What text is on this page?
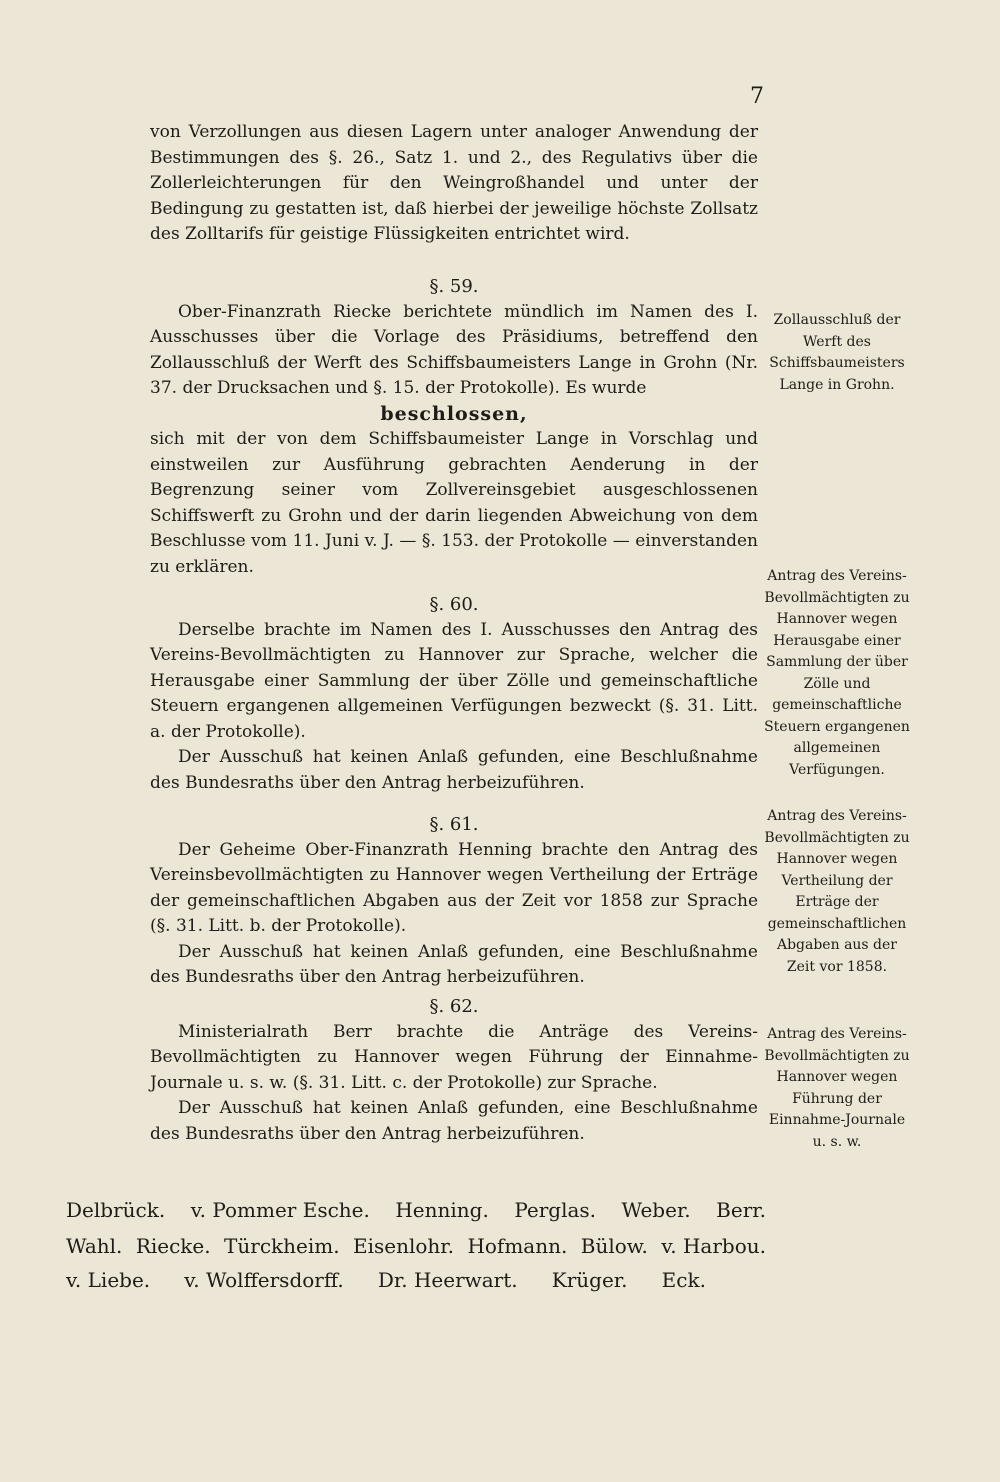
7

von Verzollungen aus diesen Lagern unter analoger Anwendung der Bestimmungen des §. 26., Satz 1. und 2., des Regulativs über die Zollerleichterungen für den Weingroßhandel und unter der Bedingung zu gestatten ist, daß hierbei der jeweilige höchste Zollsatz des Zolltarifs für geistige Flüssigkeiten entrichtet wird.

§. 59.

Ober-Finanzrath Riecke berichtete mündlich im Namen des I. Ausschusses über die Vorlage des Präsidiums, betreffend den Zollausschluß der Werft des Schiffsbaumeisters Lange in Grohn (Nr. 37. der Drucksachen und §. 15. der Protokolle). Es wurde

beschlossen,

sich mit der von dem Schiffsbaumeister Lange in Vorschlag und einstweilen zur Ausführung gebrachten Aenderung in der Begrenzung seiner vom Zollvereinsgebiet ausgeschlossenen Schiffswerft zu Grohn und der darin liegenden Abweichung von dem Beschlusse vom 11. Juni v. J. — §. 153. der Protokolle — einverstanden zu erklären.

Zollausschluß der Werft des Schiffsbaumeisters Lange in Grohn.
§. 60.

Derselbe brachte im Namen des I. Ausschusses den Antrag des Vereins-Bevollmächtigten zu Hannover zur Sprache, welcher die Herausgabe einer Sammlung der über Zölle und gemeinschaftliche Steuern ergangenen allgemeinen Verfügungen bezweckt (§. 31. Litt. a. der Protokolle).

Der Ausschuß hat keinen Anlaß gefunden, eine Beschlußnahme des Bundesraths über den Antrag herbeizuführen.

Antrag des Vereins-Bevollmächtigten zu Hannover wegen Herausgabe einer Sammlung der über Zölle und gemeinschaftliche Steuern ergangenen allgemeinen Verfügungen.
§. 61.

Der Geheime Ober-Finanzrath Henning brachte den Antrag des Vereinsbevollmächtigten zu Hannover wegen Vertheilung der Erträge der gemeinschaftlichen Abgaben aus der Zeit vor 1858 zur Sprache (§. 31. Litt. b. der Protokolle).

Der Ausschuß hat keinen Anlaß gefunden, eine Beschlußnahme des Bundesraths über den Antrag herbeizuführen.

Antrag des Vereins-Bevollmächtigten zu Hannover wegen Vertheilung der Erträge der gemeinschaftlichen Abgaben aus der Zeit vor 1858.
§. 62.

Ministerialrath Berr brachte die Anträge des Vereins-Bevollmächtigten zu Hannover wegen Führung der Einnahme-Journale u. s. w. (§. 31. Litt. c. der Protokolle) zur Sprache.

Der Ausschuß hat keinen Anlaß gefunden, eine Beschlußnahme des Bundesraths über den Antrag herbeizuführen.

Antrag des Vereins-Bevollmächtigten zu Hannover wegen Führung der Einnahme-Journale u. s. w.
Delbrück. v. Pommer Esche. Henning. Perglas. Weber. Berr.
Wahl. Riecke. Türckheim. Eisenlohr. Hofmann. Bülow. v. Harbou.
v. Liebe. v. Wolffersdorff. Dr. Heerwart. Krüger. Eck.
